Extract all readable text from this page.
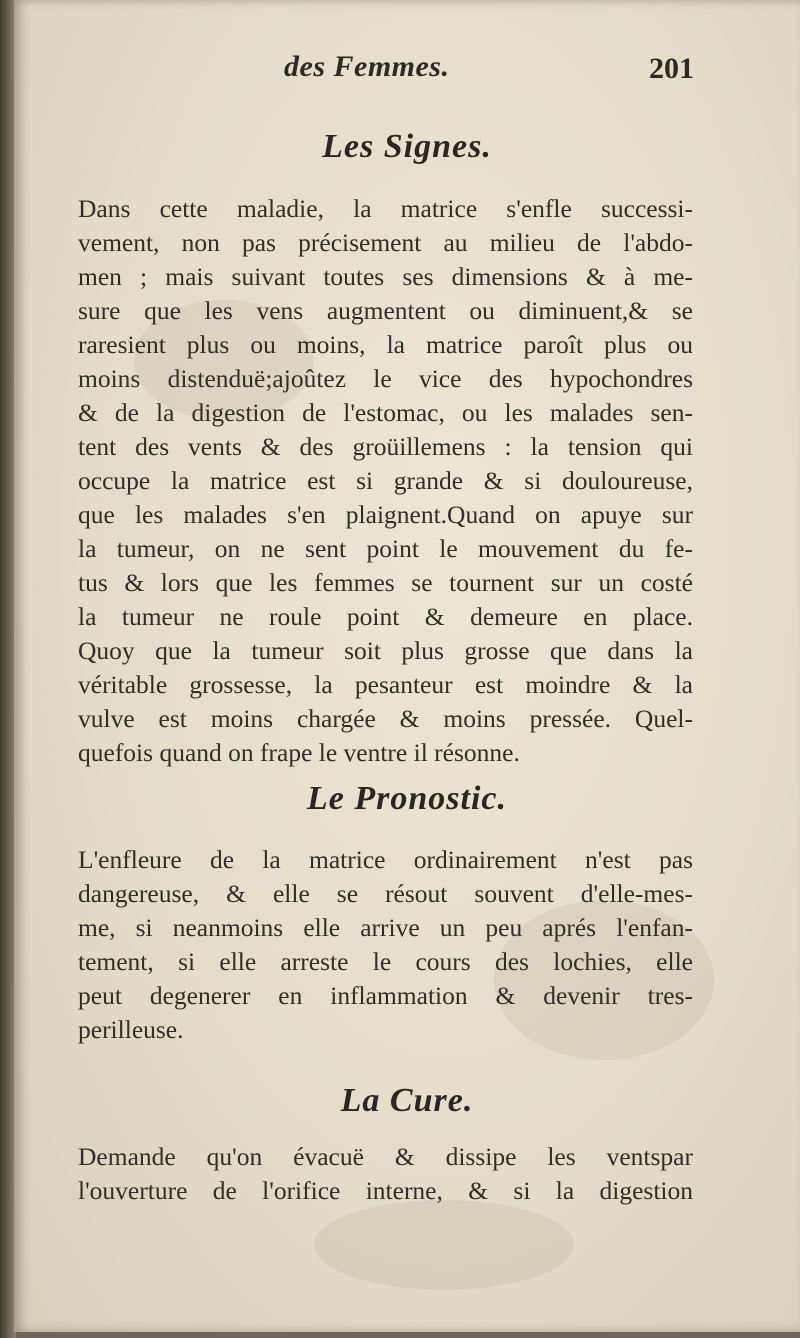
des Femmes.	201
Les Signes.
Dans cette maladie, la matrice s'enfle successi-
vement, non pas précisement au milieu de l'abdo-
men ; mais suivant toutes ses dimensions & à me-
sure que les vens augmentent ou diminuent,& se
raresient plus ou moins, la matrice paroît plus ou
moins distenduë;ajoûtez le vice des hypochondres
& de la digestion de l'estomac, ou les malades sen-
tent des vents & des groüillemens : la tension qui
occupe la matrice est si grande & si douloureuse,
que les malades s'en plaignent.Quand on apuye sur
la tumeur, on ne sent point le mouvement du fe-
tus & lors que les femmes se tournent sur un costé
la tumeur ne roule point & demeure en place.
Quoy que la tumeur soit plus grosse que dans la
véritable grossesse, la pesanteur est moindre & la
vulve est moins chargée & moins pressée. Quel-
quefois quand on frape le ventre il résonne.
Le Pronostic.
L'enfleure de la matrice ordinairement n'est pas
dangereuse, & elle se résout souvent d'elle-mes-
me, si neanmoins elle arrive un peu aprés l'enfan-
tement, si elle arreste le cours des lochies, elle
peut degenerer en inflammation & devenir tres-
perilleuse.
La Cure.
Demande qu'on évacuë & dissipe les ventspar
l'ouverture de l'orifice interne, & si la digestion
